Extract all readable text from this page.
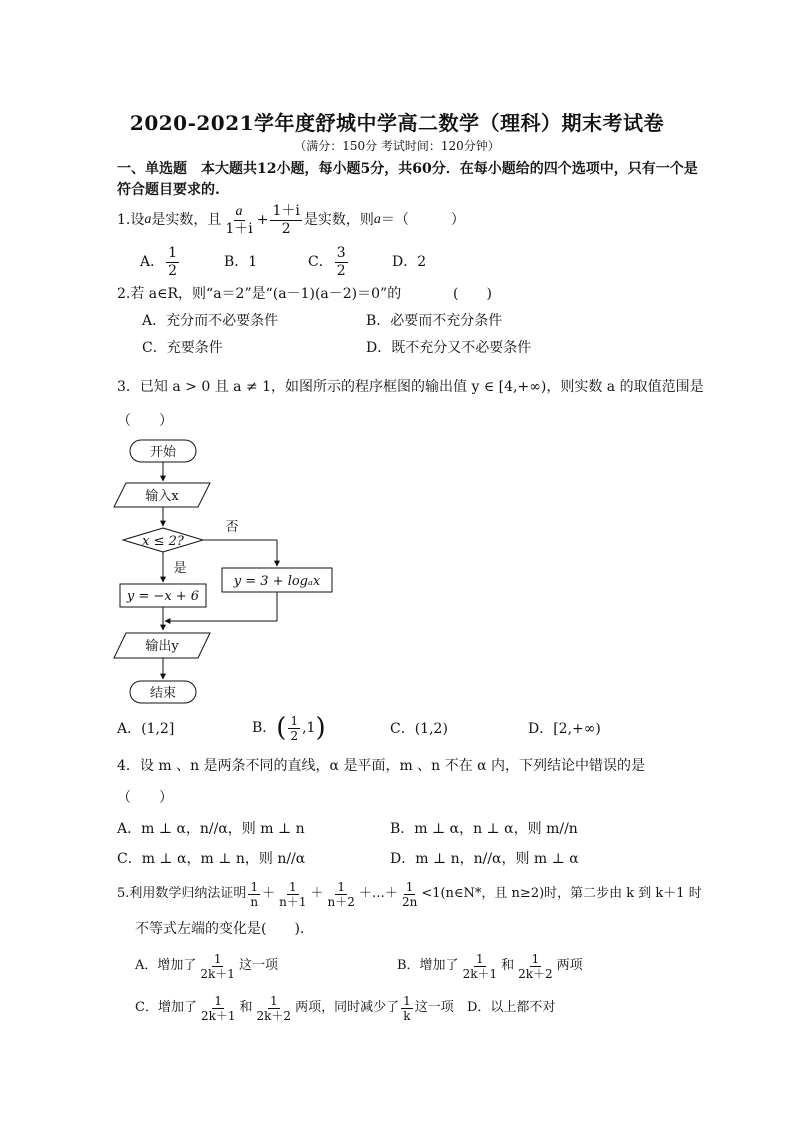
2020-2021学年度舒城中学高二数学（理科）期末考试卷
（满分：150分 考试时间：120分钟）
一、单选题　本大题共12小题，每小题5分，共60分．在每小题给的四个选项中，只有一个是
符合题目要求的.
1.设 a 是实数，且 $\frac{a}{1+i} + \frac{1+i}{2}$ 是实数，则 a ＝（　　　）
A． $\frac{1}{2}$	B．1	C． $\frac{3}{2}$	D．2
2.若 a∈R，则“a＝2”是“(a－1)(a－2)＝0”的	(　　)
A．充分而不必要条件	B．必要而不充分条件
C．充要条件	D．既不充分又不必要条件
3．已知 a > 0 且 a ≠ 1，如图所示的程序框图的输出值 y ∈ [4,+∞)，则实数 a 的取值范围是
（　　）
开始
输入x
x ≤ 2?
否
是
y = −x + 6
y = 3 + logₐx
输出y
结束
A．(1,2]	B． ( $\frac{1}{2} ,1$ )	C．(1,2)	D．[2,+∞)
4．设 m 、n 是两条不同的直线，α 是平面，m 、n 不在 α 内，下列结论中错误的是
（　　）
A．m ⊥ α，n//α，则 m ⊥ n	B．m ⊥ α，n ⊥ α，则 m//n
C．m ⊥ α，m ⊥ n，则 n//α	D．m ⊥ n，n//α，则 m ⊥ α
5.利用数学归纳法证明 $\frac{1}{n} + \frac{1}{n+1} + \frac{1}{n+2}$ ＋…＋ $\frac{1}{2n}$ <1(n∈N*，且 n≥2)时，第二步由 k 到 k＋1 时
不等式左端的变化是(　　).
A．增加了 $\frac{1}{2k+1}$ 这一项	B．增加了 $\frac{1}{2k+1}$ 和 $\frac{1}{2k+2}$ 两项
C．增加了 $\frac{1}{2k+1}$ 和 $\frac{1}{2k+2}$ 两项，同时减少了 $\frac{1}{k}$ 这一项 D．以上都不对
